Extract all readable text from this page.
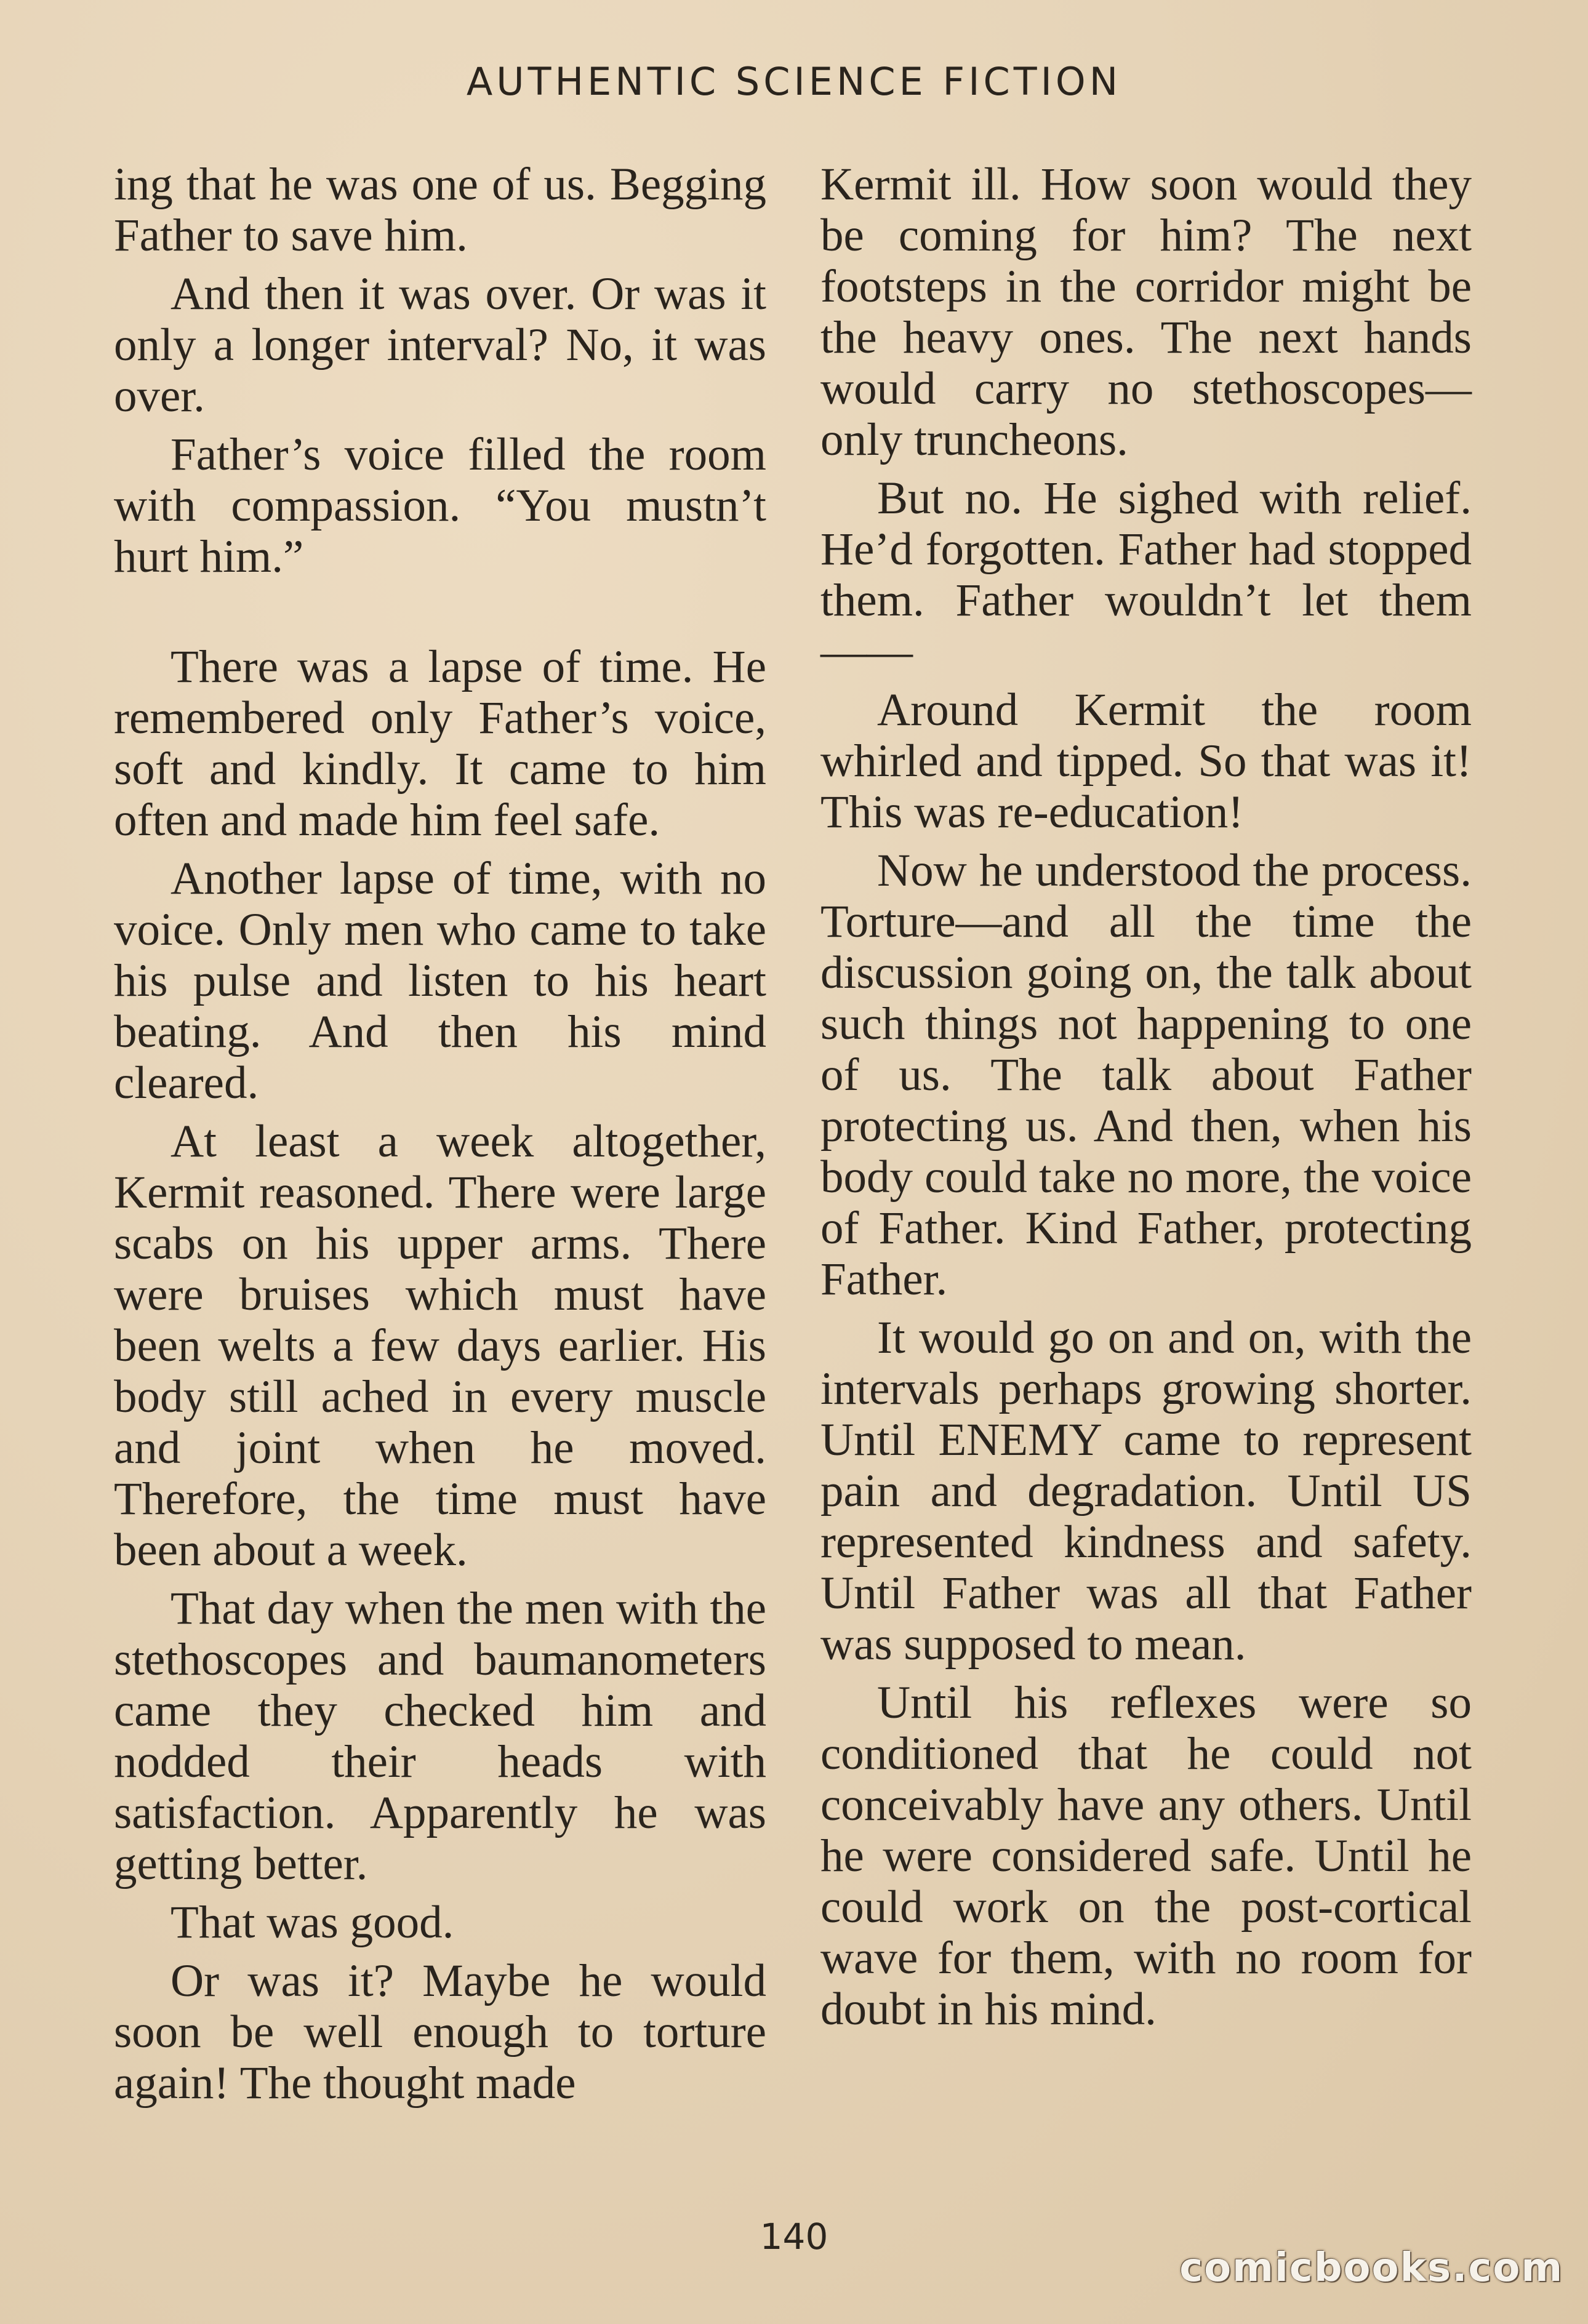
AUTHENTIC SCIENCE FICTION

ing that he was one of us. Begging Father to save him.

And then it was over. Or was it only a longer interval? No, it was over.

Father’s voice filled the room with compassion. “You mustn’t hurt him.”

There was a lapse of time. He remembered only Father’s voice, soft and kindly. It came to him often and made him feel safe.

Another lapse of time, with no voice. Only men who came to take his pulse and listen to his heart beating. And then his mind cleared.

At least a week altogether, Kermit reasoned. There were large scabs on his upper arms. There were bruises which must have been welts a few days earlier. His body still ached in every muscle and joint when he moved. Therefore, the time must have been about a week.

That day when the men with the stethoscopes and baumanometers came they checked him and nodded their heads with satisfaction. Apparently he was getting better.

That was good.

Or was it? Maybe he would soon be well enough to torture again! The thought made

Kermit ill. How soon would they be coming for him? The next footsteps in the corridor might be the heavy ones. The next hands would carry no stethoscopes—only truncheons.

But no. He sighed with relief. He’d forgotten. Father had stopped them. Father wouldn’t let them——

Around Kermit the room whirled and tipped. So that was it! This was re-education!

Now he understood the process. Torture—and all the time the discussion going on, the talk about such things not happening to one of us. The talk about Father protecting us. And then, when his body could take no more, the voice of Father. Kind Father, protecting Father.

It would go on and on, with the intervals perhaps growing shorter. Until ENEMY came to represent pain and degradation. Until US represented kindness and safety. Until Father was all that Father was supposed to mean.

Until his reflexes were so conditioned that he could not conceivably have any others. Until he were considered safe. Until he could work on the post-cortical wave for them, with no room for doubt in his mind.

140
comicbooks.com
